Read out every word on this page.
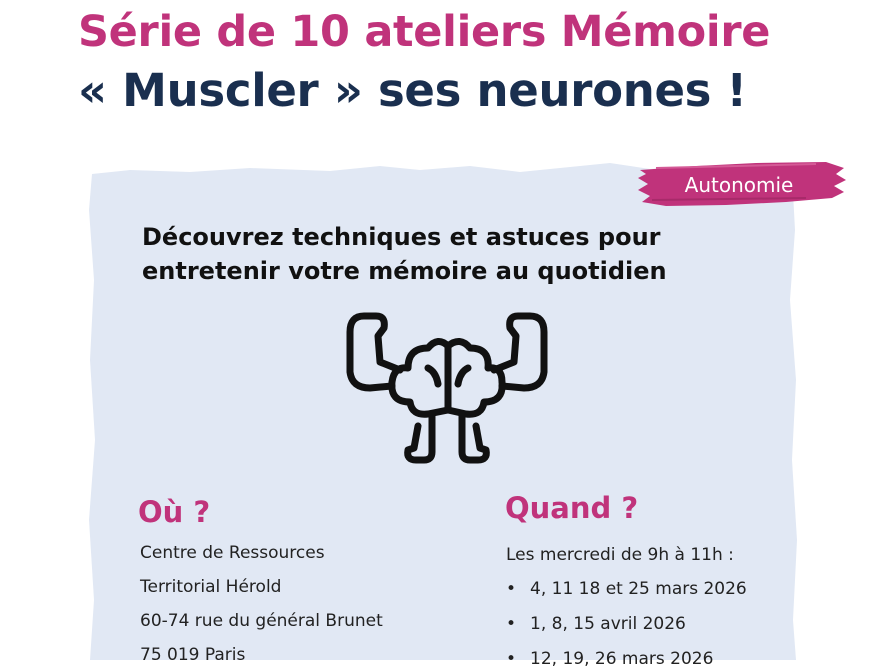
Série de 10 ateliers Mémoire
« Muscler » ses neurones !
Autonomie

Découvrez techniques et astuces pour entretenir votre mémoire au quotidien

Où ?
Centre de Ressources
Territorial Hérold
60-74 rue du général Brunet
75 019 Paris
Quand ?
Les mercredi de 9h à 11h :
• 4, 11 18 et 25 mars 2026
• 1, 8, 15 avril 2026
• 12, 19, 26 mars 2026
